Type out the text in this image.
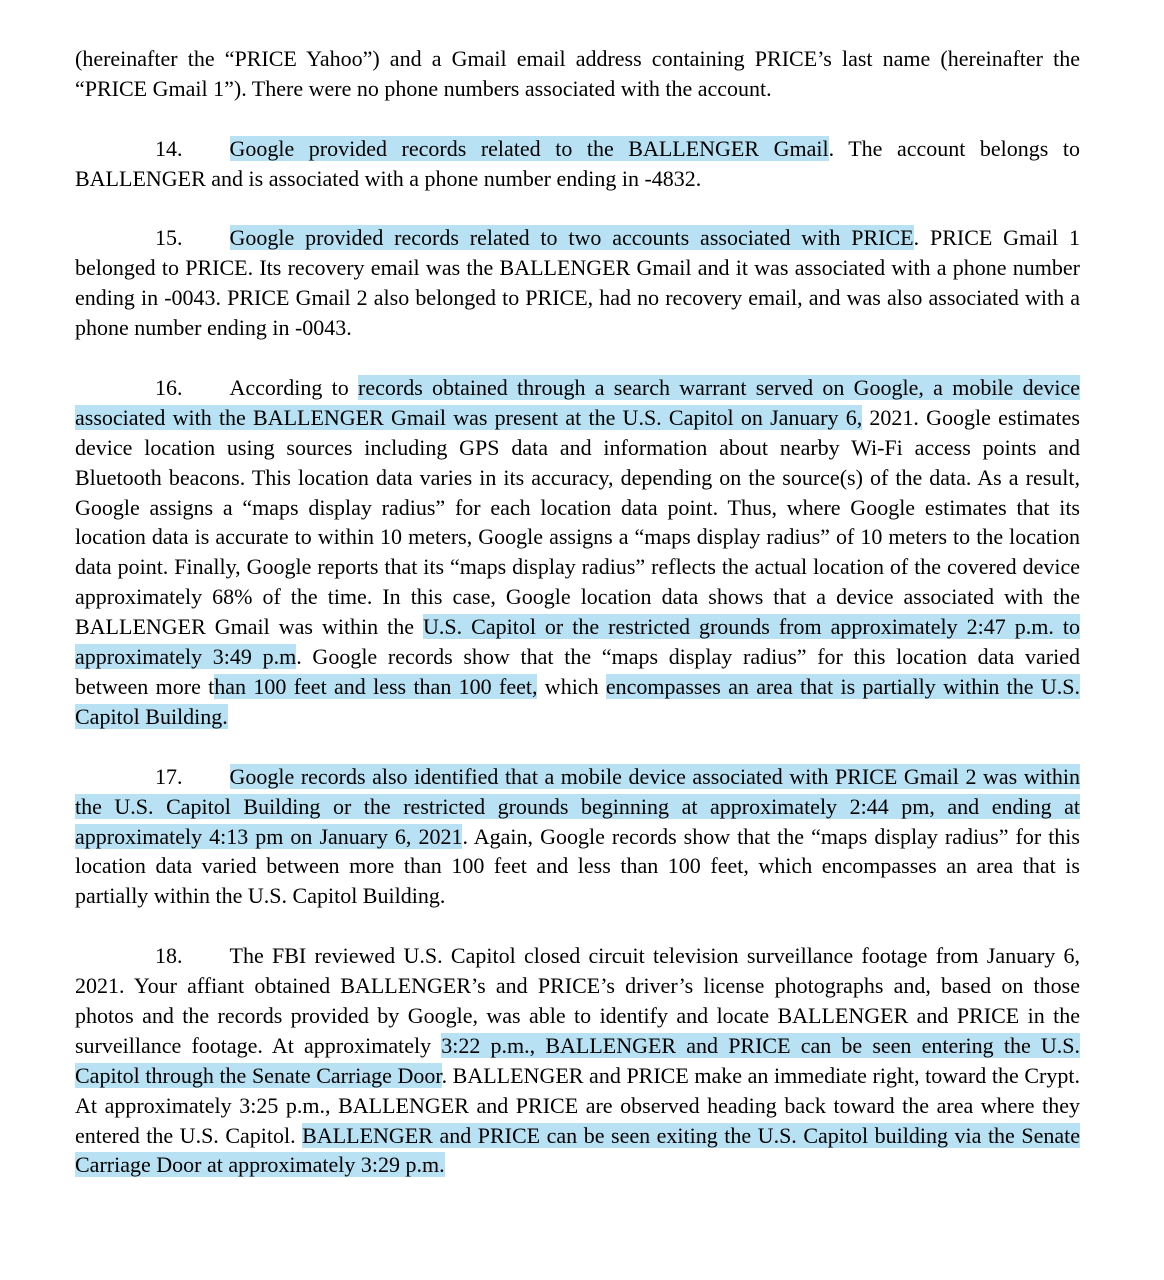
(hereinafter the “PRICE Yahoo”) and a Gmail email address containing PRICE’s last name (hereinafter the “PRICE Gmail 1”). There were no phone numbers associated with the account.

14. Google provided records related to the BALLENGER Gmail. The account belongs to BALLENGER and is associated with a phone number ending in -4832.

15. Google provided records related to two accounts associated with PRICE. PRICE Gmail 1 belonged to PRICE. Its recovery email was the BALLENGER Gmail and it was associated with a phone number ending in -0043. PRICE Gmail 2 also belonged to PRICE, had no recovery email, and was also associated with a phone number ending in -0043.

16. According to records obtained through a search warrant served on Google, a mobile device associated with the BALLENGER Gmail was present at the U.S. Capitol on January 6, 2021. Google estimates device location using sources including GPS data and information about nearby Wi-Fi access points and Bluetooth beacons. This location data varies in its accuracy, depending on the source(s) of the data. As a result, Google assigns a “maps display radius” for each location data point. Thus, where Google estimates that its location data is accurate to within 10 meters, Google assigns a “maps display radius” of 10 meters to the location data point. Finally, Google reports that its “maps display radius” reflects the actual location of the covered device approximately 68% of the time. In this case, Google location data shows that a device associated with the BALLENGER Gmail was within the U.S. Capitol or the restricted grounds from approximately 2:47 p.m. to approximately 3:49 p.m. Google records show that the “maps display radius” for this location data varied between more than 100 feet and less than 100 feet, which encompasses an area that is partially within the U.S. Capitol Building.

17. Google records also identified that a mobile device associated with PRICE Gmail 2 was within the U.S. Capitol Building or the restricted grounds beginning at approximately 2:44 pm, and ending at approximately 4:13 pm on January 6, 2021. Again, Google records show that the “maps display radius” for this location data varied between more than 100 feet and less than 100 feet, which encompasses an area that is partially within the U.S. Capitol Building.

18. The FBI reviewed U.S. Capitol closed circuit television surveillance footage from January 6, 2021. Your affiant obtained BALLENGER’s and PRICE’s driver’s license photographs and, based on those photos and the records provided by Google, was able to identify and locate BALLENGER and PRICE in the surveillance footage. At approximately 3:22 p.m., BALLENGER and PRICE can be seen entering the U.S. Capitol through the Senate Carriage Door. BALLENGER and PRICE make an immediate right, toward the Crypt. At approximately 3:25 p.m., BALLENGER and PRICE are observed heading back toward the area where they entered the U.S. Capitol. BALLENGER and PRICE can be seen exiting the U.S. Capitol building via the Senate Carriage Door at approximately 3:29 p.m.
